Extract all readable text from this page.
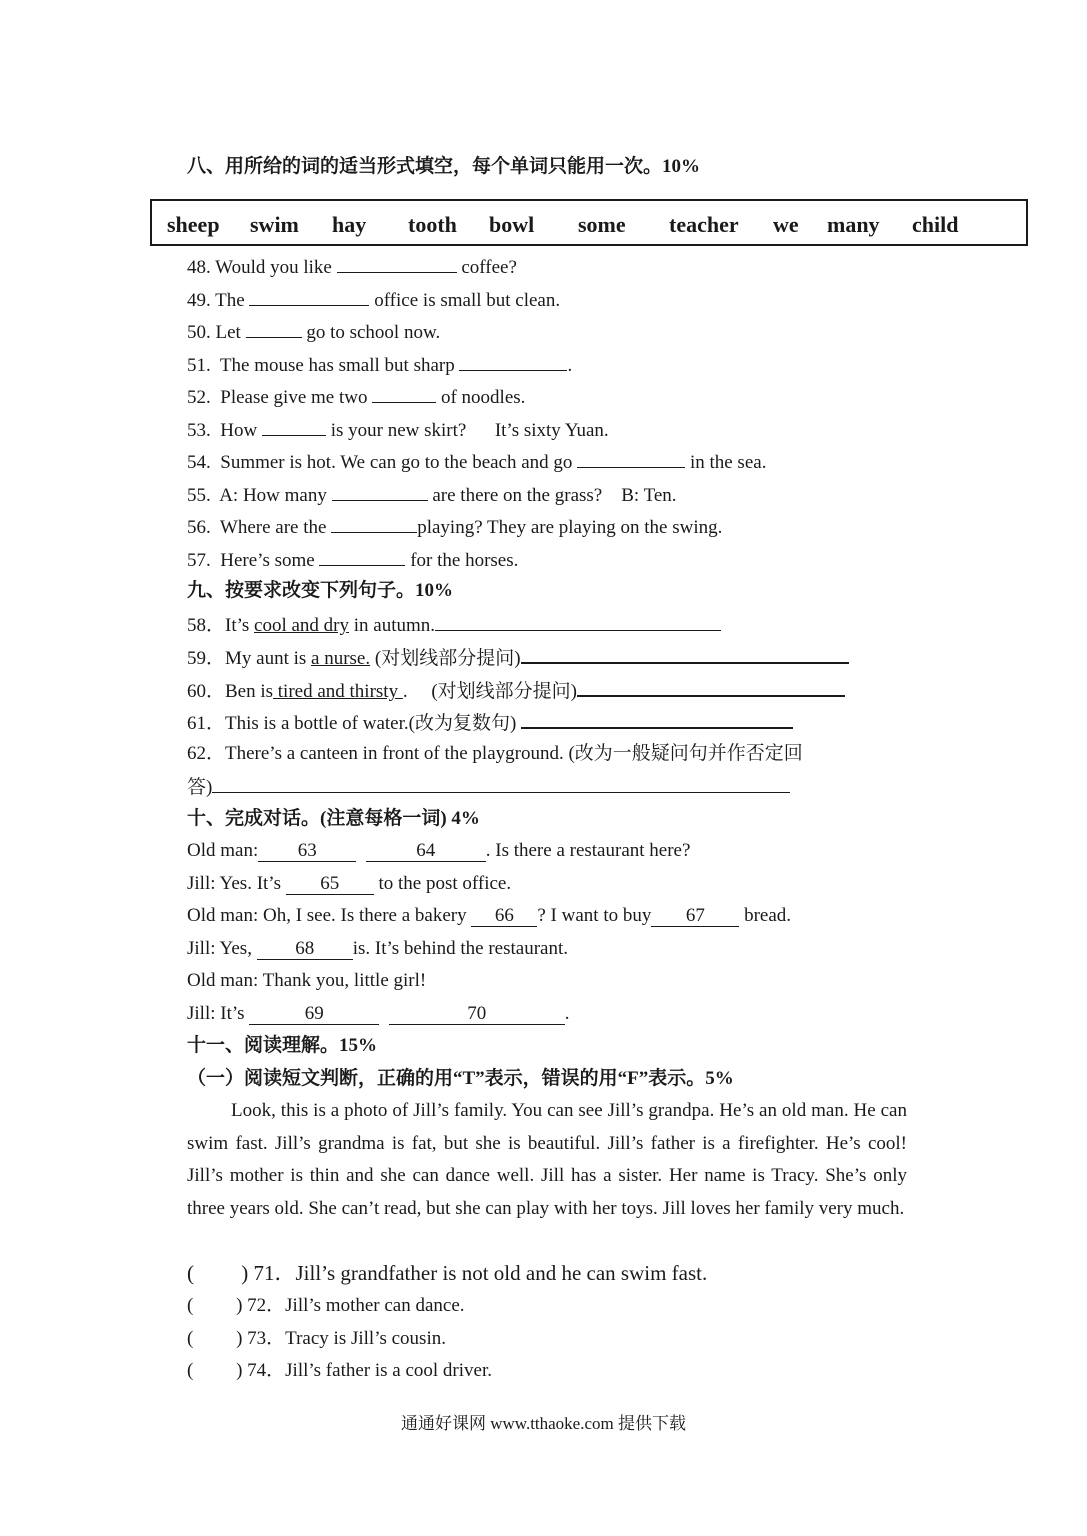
八、用所给的词的适当形式填空，每个单词只能用一次。10%
sheep swim hay tooth bowl some teacher we many child
48. Would you like	coffee?
49. The	office is small but clean.
50. Let	go to school now.
51.  The mouse has small but sharp	.
52.  Please give me two	of noodles.
53.  How	is your new skirt?      It’s sixty Yuan.
54.  Summer is hot. We can go to the beach and go	in the sea.
55.  A: How many	are there on the grass?    B: Ten.
56.  Where are the	playing? They are playing on the swing.
57.  Here’s some	for the horses.
九、按要求改变下列句子。10%
58．It’s cool and dry in autumn.
59．My aunt is a nurse. (对划线部分提问)
60．Ben is tired and thirsty .     (对划线部分提问)
61．This is a bottle of water.(改为复数句)
62．There’s a canteen in front of the playground. (改为一般疑问句并作否定回
答)
十、完成对话。(注意每格一词) 4%
Old man: 63	64	. Is there a restaurant here?
Jill: Yes. It’s 65 to the post office.
Old man: Oh, I see. Is there a bakery 66 ? I want to buy 67 bread.
Jill: Yes, 68 is. It’s behind the restaurant.
Old man: Thank you, little girl!
Jill: It’s	69	70	.
十一、阅读理解。15%
（一）阅读短文判断，正确的用“T”表示，错误的用“F”表示。5%
Look, this is a photo of Jill’s family. You can see Jill’s grandpa. He’s an old man. He can swim fast. Jill’s grandma is fat, but she is beautiful. Jill’s father is a firefighter. He’s cool! Jill’s mother is thin and she can dance well. Jill has a sister. Her name is Tracy. She’s only three years old. She can’t read, but she can play with her toys. Jill loves her family very much.
(         ) 71．Jill’s grandfather is not old and he can swim fast.
(         ) 72．Jill’s mother can dance.
(         ) 73．Tracy is Jill’s cousin.
(         ) 74．Jill’s father is a cool driver.
通通好课网 www.tthaoke.com 提供下载
